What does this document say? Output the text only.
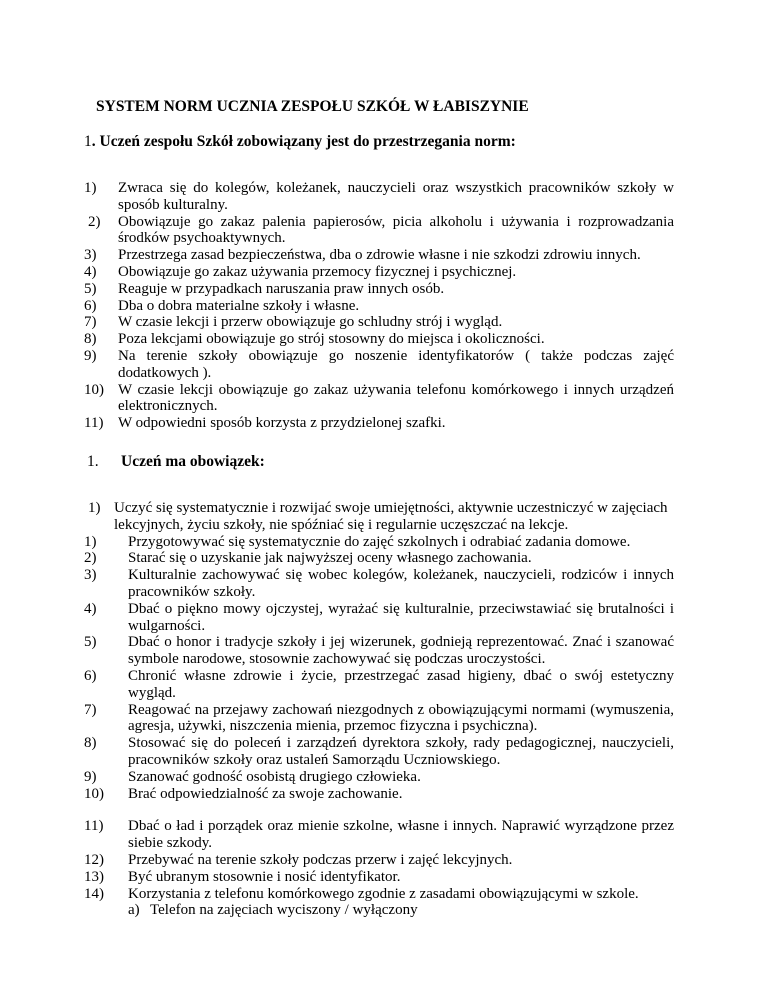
SYSTEM NORM UCZNIA ZESPOŁU SZKÓŁ W ŁABISZYNIE
1. Uczeń zespołu Szkół zobowiązany jest do przestrzegania norm:
1) Zwraca się do kolegów, koleżanek, nauczycieli oraz wszystkich pracowników szkoły w sposób kulturalny.
2) Obowiązuje go zakaz palenia papierosów, picia alkoholu i używania i rozprowadzania środków psychoaktywnych.
3) Przestrzega zasad bezpieczeństwa, dba o zdrowie własne i nie szkodzi zdrowiu innych.
4) Obowiązuje go zakaz używania przemocy fizycznej i psychicznej.
5) Reaguje w przypadkach naruszania praw innych osób.
6) Dba o dobra materialne szkoły i własne.
7) W czasie lekcji i przerw obowiązuje go schludny strój i wygląd.
8) Poza lekcjami obowiązuje go strój stosowny do miejsca i okoliczności.
9) Na terenie szkoły obowiązuje go noszenie identyfikatorów ( także podczas zajęć dodatkowych ).
10) W czasie lekcji obowiązuje go zakaz używania telefonu komórkowego i innych urządzeń elektronicznych.
11) W odpowiedni sposób korzysta z przydzielonej szafki.
1. Uczeń ma obowiązek:
1) Uczyć się systematycznie i rozwijać swoje umiejętności, aktywnie uczestniczyć w zajęciach lekcyjnych, życiu szkoły, nie spóźniać się i regularnie uczęszczać na lekcje.
1) Przygotowywać się systematycznie do zajęć szkolnych i odrabiać zadania domowe.
2) Starać się o uzyskanie jak najwyższej oceny własnego zachowania.
3) Kulturalnie zachowywać się wobec kolegów, koleżanek, nauczycieli, rodziców i innych pracowników szkoły.
4) Dbać o piękno mowy ojczystej, wyrażać się kulturalnie, przeciwstawiać się brutalności i wulgarności.
5) Dbać o honor i tradycje szkoły i jej wizerunek, godnieją reprezentować. Znać i szanować symbole narodowe, stosownie zachowywać się podczas uroczystości.
6) Chronić własne zdrowie i życie, przestrzegać zasad higieny, dbać o swój estetyczny wygląd.
7) Reagować na przejawy zachowań niezgodnych z obowiązującymi normami (wymuszenia, agresja, używki, niszczenia mienia, przemoc fizyczna i psychiczna).
8) Stosować się do poleceń i zarządzeń dyrektora szkoły, rady pedagogicznej, nauczycieli, pracowników szkoły oraz ustaleń Samorządu Uczniowskiego.
9) Szanować godność osobistą drugiego człowieka.
10) Brać odpowiedzialność za swoje zachowanie.
11) Dbać o ład i porządek oraz mienie szkolne, własne i innych. Naprawić wyrządzone przez siebie szkody.
12) Przebywać na terenie szkoły podczas przerw i zajęć lekcyjnych.
13) Być ubranym stosownie i nosić identyfikator.
14) Korzystania z telefonu komórkowego zgodnie z zasadami obowiązującymi w szkole.
a) Telefon na zajęciach wyciszony / wyłączony
